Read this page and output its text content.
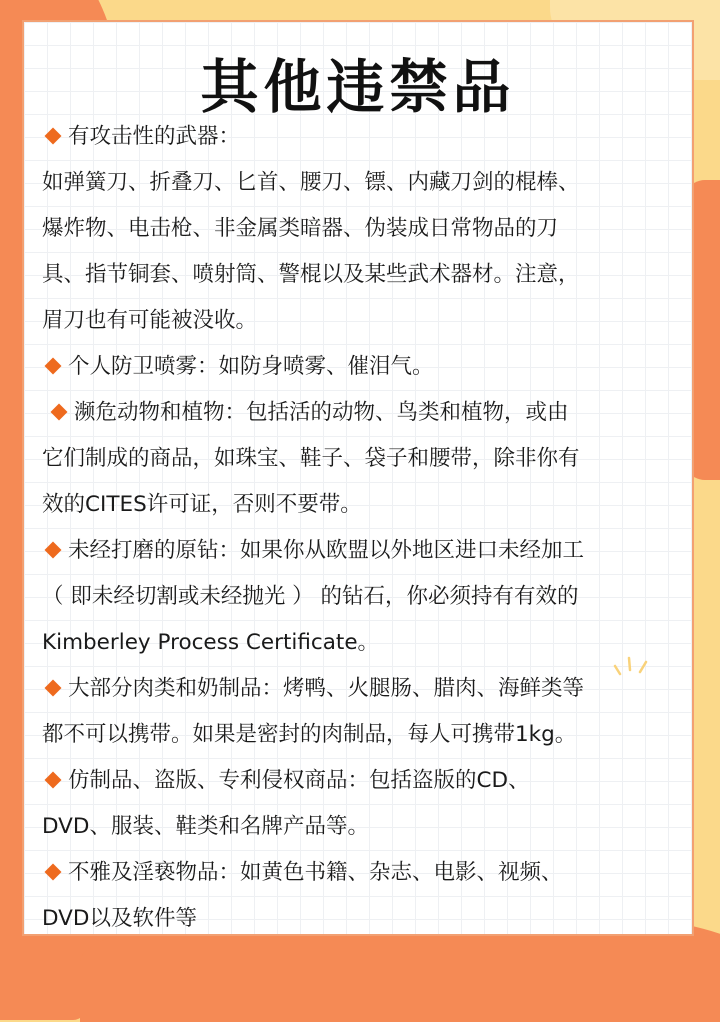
其他违禁品
有攻击性的武器：
如弹簧刀、折叠刀、匕首、腰刀、镖、内藏刀剑的棍棒、
爆炸物、电击枪、非金属类暗器、伪装成日常物品的刀
具、指节铜套、喷射筒、警棍以及某些武术器材。注意，
眉刀也有可能被没收。
个人防卫喷雾：如防身喷雾、催泪气。
濒危动物和植物：包括活的动物、鸟类和植物，或由
它们制成的商品，如珠宝、鞋子、袋子和腰带，除非你有
效的CITES许可证，否则不要带。
未经打磨的原钻：如果你从欧盟以外地区进口未经加工
（ 即未经切割或未经抛光 ） 的钻石，你必须持有有效的
Kimberley Process Certificate。
大部分肉类和奶制品：烤鸭、火腿肠、腊肉、海鲜类等
都不可以携带。如果是密封的肉制品，每人可携带1kg。
仿制品、盗版、专利侵权商品：包括盗版的CD、
DVD、服装、鞋类和名牌产品等。
不雅及淫亵物品：如黄色书籍、杂志、电影、视频、
DVD以及软件等
